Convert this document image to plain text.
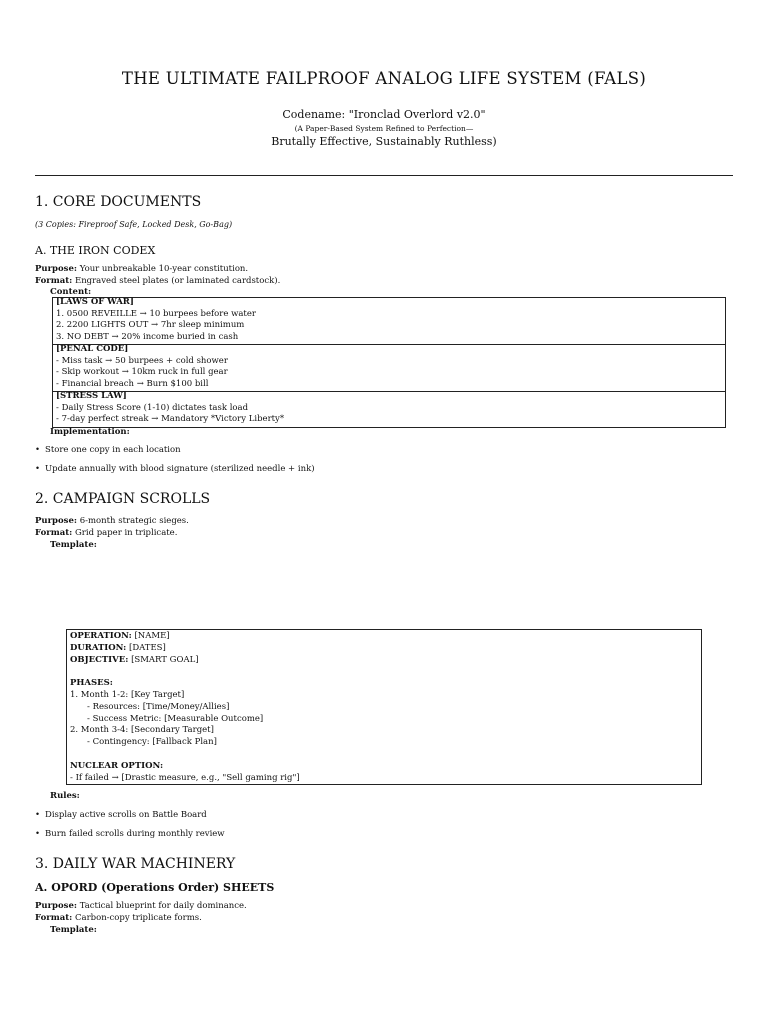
THE ULTIMATE FAILPROOF ANALOG LIFE SYSTEM (FALS)
Codename: "Ironclad Overlord v2.0"
(A Paper-Based System Refined to Perfection—
Brutally Effective, Sustainably Ruthless)
1. CORE DOCUMENTS
(3 Copies: Fireproof Safe, Locked Desk, Go-Bag)
A. THE IRON CODEX
Purpose: Your unbreakable 10-year constitution.
Format: Engraved steel plates (or laminated cardstock).
Content:
[LAWS OF WAR]
1. 0500 REVEILLE → 10 burpees before water
2. 2200 LIGHTS OUT → 7hr sleep minimum
3. NO DEBT → 20% income buried in cash
[PENAL CODE]
- Miss task → 50 burpees + cold shower
- Skip workout → 10km ruck in full gear
- Financial breach → Burn $100 bill
[STRESS LAW]
- Daily Stress Score (1-10) dictates task load
- 7-day perfect streak → Mandatory *Victory Liberty*
Implementation:
• Store one copy in each location
• Update annually with blood signature (sterilized needle + ink)
2. CAMPAIGN SCROLLS
Purpose: 6-month strategic sieges.
Format: Grid paper in triplicate.
Template:
OPERATION: [NAME]
DURATION: [DATES]
OBJECTIVE: [SMART GOAL]
PHASES:
1. Month 1-2: [Key Target]
- Resources: [Time/Money/Allies]
- Success Metric: [Measurable Outcome]
2. Month 3-4: [Secondary Target]
- Contingency: [Fallback Plan]
NUCLEAR OPTION:
- If failed → [Drastic measure, e.g., "Sell gaming rig"]
Rules:
• Display active scrolls on Battle Board
• Burn failed scrolls during monthly review
3. DAILY WAR MACHINERY
A. OPORD (Operations Order) SHEETS
Purpose: Tactical blueprint for daily dominance.
Format: Carbon-copy triplicate forms.
Template:
